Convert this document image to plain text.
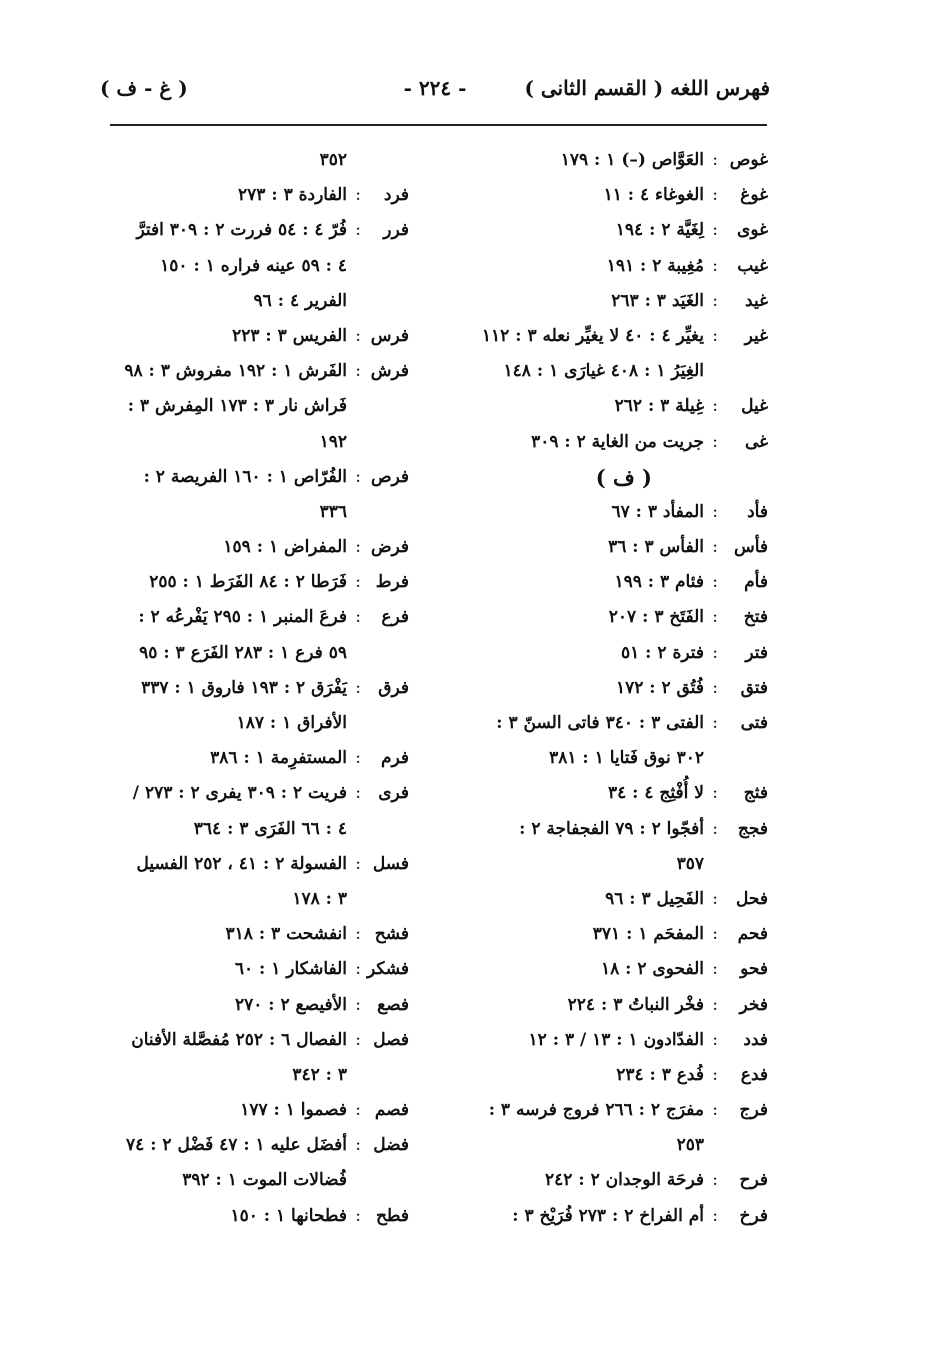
فهرس اللغه ( القسم الثانى )
- ٢٢٤ -
( غ - ف )
غوص
:
العَوَّاص (–) ١ : ١٧٩
غوغ
:
الغوغاء ٤ : ١١
غوى
:
لِغَيَّة ٢ : ١٩٤
غيب
:
مُغِيبة ٢ : ١٩١
غيد
:
الغَيَد ٣ : ٢٦٣
غير
:
يغيِّر ٤ : ٤٠ لا يغيِّر نعله ٣ : ١١٢
الغِيَرُ ١ : ٤٠٨ غيارَى ١ : ١٤٨
غيل
:
غِيلة ٣ : ٢٦٢
غى
:
جريت من الغاية ٢ : ٣٠٩
( ف )
فأد
:
المفأد ٣ : ٦٧
فأس
:
الفأس ٣ : ٣٦
فأم
:
فئام ٣ : ١٩٩
فتخ
:
الفَتَخ ٣ : ٢٠٧
فتر
:
فترة ٢ : ٥١
فتق
:
فُتُق ٢ : ١٧٢
فتى
:
الفتى ٣ : ٣٤٠ فاتى السنّ ٣ :
٣٠٢ نوق فَتايا ١ : ٣٨١
فثج
:
لا أُفْثِج ٤ : ٣٤
فجج
:
أفجّوا ٢ : ٧٩ الفجفاجة ٢ :
٣٥٧
فحل
:
الفَحِيل ٣ : ٩٦
فحم
:
المفحَم ١ : ٣٧١
فحو
:
الفحوى ٢ : ١٨
فخر
:
فخْر النباتُ ٣ : ٢٢٤
فدد
:
الفدّادون ١ : ١٣ / ٣ : ١٢
فدع
:
فُدع ٣ : ٢٣٤
فرج
:
مفرَج ٢ : ٢٦٦ فروج فرسه ٣ :
٢٥٣
فرح
:
فرحَة الوجدان ٢ : ٢٤٢
فرخ
:
أم الفراخ ٢ : ٢٧٣ فُرَيْخ ٣ :
٣٥٢
فرد
:
الفاردة ٣ : ٢٧٣
فرر
:
فُرّ ٤ : ٥٤ فررت ٢ : ٣٠٩ افترَّ
٤ : ٥٩ عينه فراره ١ : ١٥٠
الفرير ٤ : ٩٦
فرس
:
الفريس ٣ : ٢٢٣
فرش
:
الفَرش ١ : ١٩٢ مفروش ٣ : ٩٨
فَراش نار ٣ : ١٧٣ المِفرش ٣ :
١٩٢
فرص
:
الفُرّاص ١ : ١٦٠ الفريصة ٢ :
٣٣٦
فرض
:
المفراض ١ : ١٥٩
فرط
:
فَرَطا ٢ : ٨٤ الفَرَط ١ : ٢٥٥
فرع
:
فرعَ المنبر ١ : ٢٩٥ يَفْرعُه ٢ :
٥٩ فرع ١ : ٢٨٣ الفَرَع ٣ : ٩٥
فرق
:
يَفْرَق ٢ : ١٩٣ فاروق ١ : ٣٣٧
الأفراق ١ : ١٨٧
فرم
:
المستفرِمة ١ : ٣٨٦
فرى
:
فريت ٢ : ٣٠٩ يفرى ٢ : ٢٧٣ /
٤ : ٦٦ الفَرَى ٣ : ٣٦٤
فسل
:
الفسولة ٢ : ٤١ ، ٢٥٢ الفسيل
٣ : ١٧٨
فشح
:
انفشحت ٣ : ٣١٨
فشكر
:
الفاشكار ١ : ٦٠
فصع
:
الأفيصع ٢ : ٢٧٠
فصل
:
الفصال ٦ : ٢٥٢ مُفصَّلة الأفنان
٣ : ٣٤٢
فصم
:
فصموا ١ : ١٧٧
فضل
:
أفضَل عليه ١ : ٤٧ فَضْل ٢ : ٧٤
فُضالات الموت ١ : ٣٩٢
فطح
:
فطحانها ١ : ١٥٠
